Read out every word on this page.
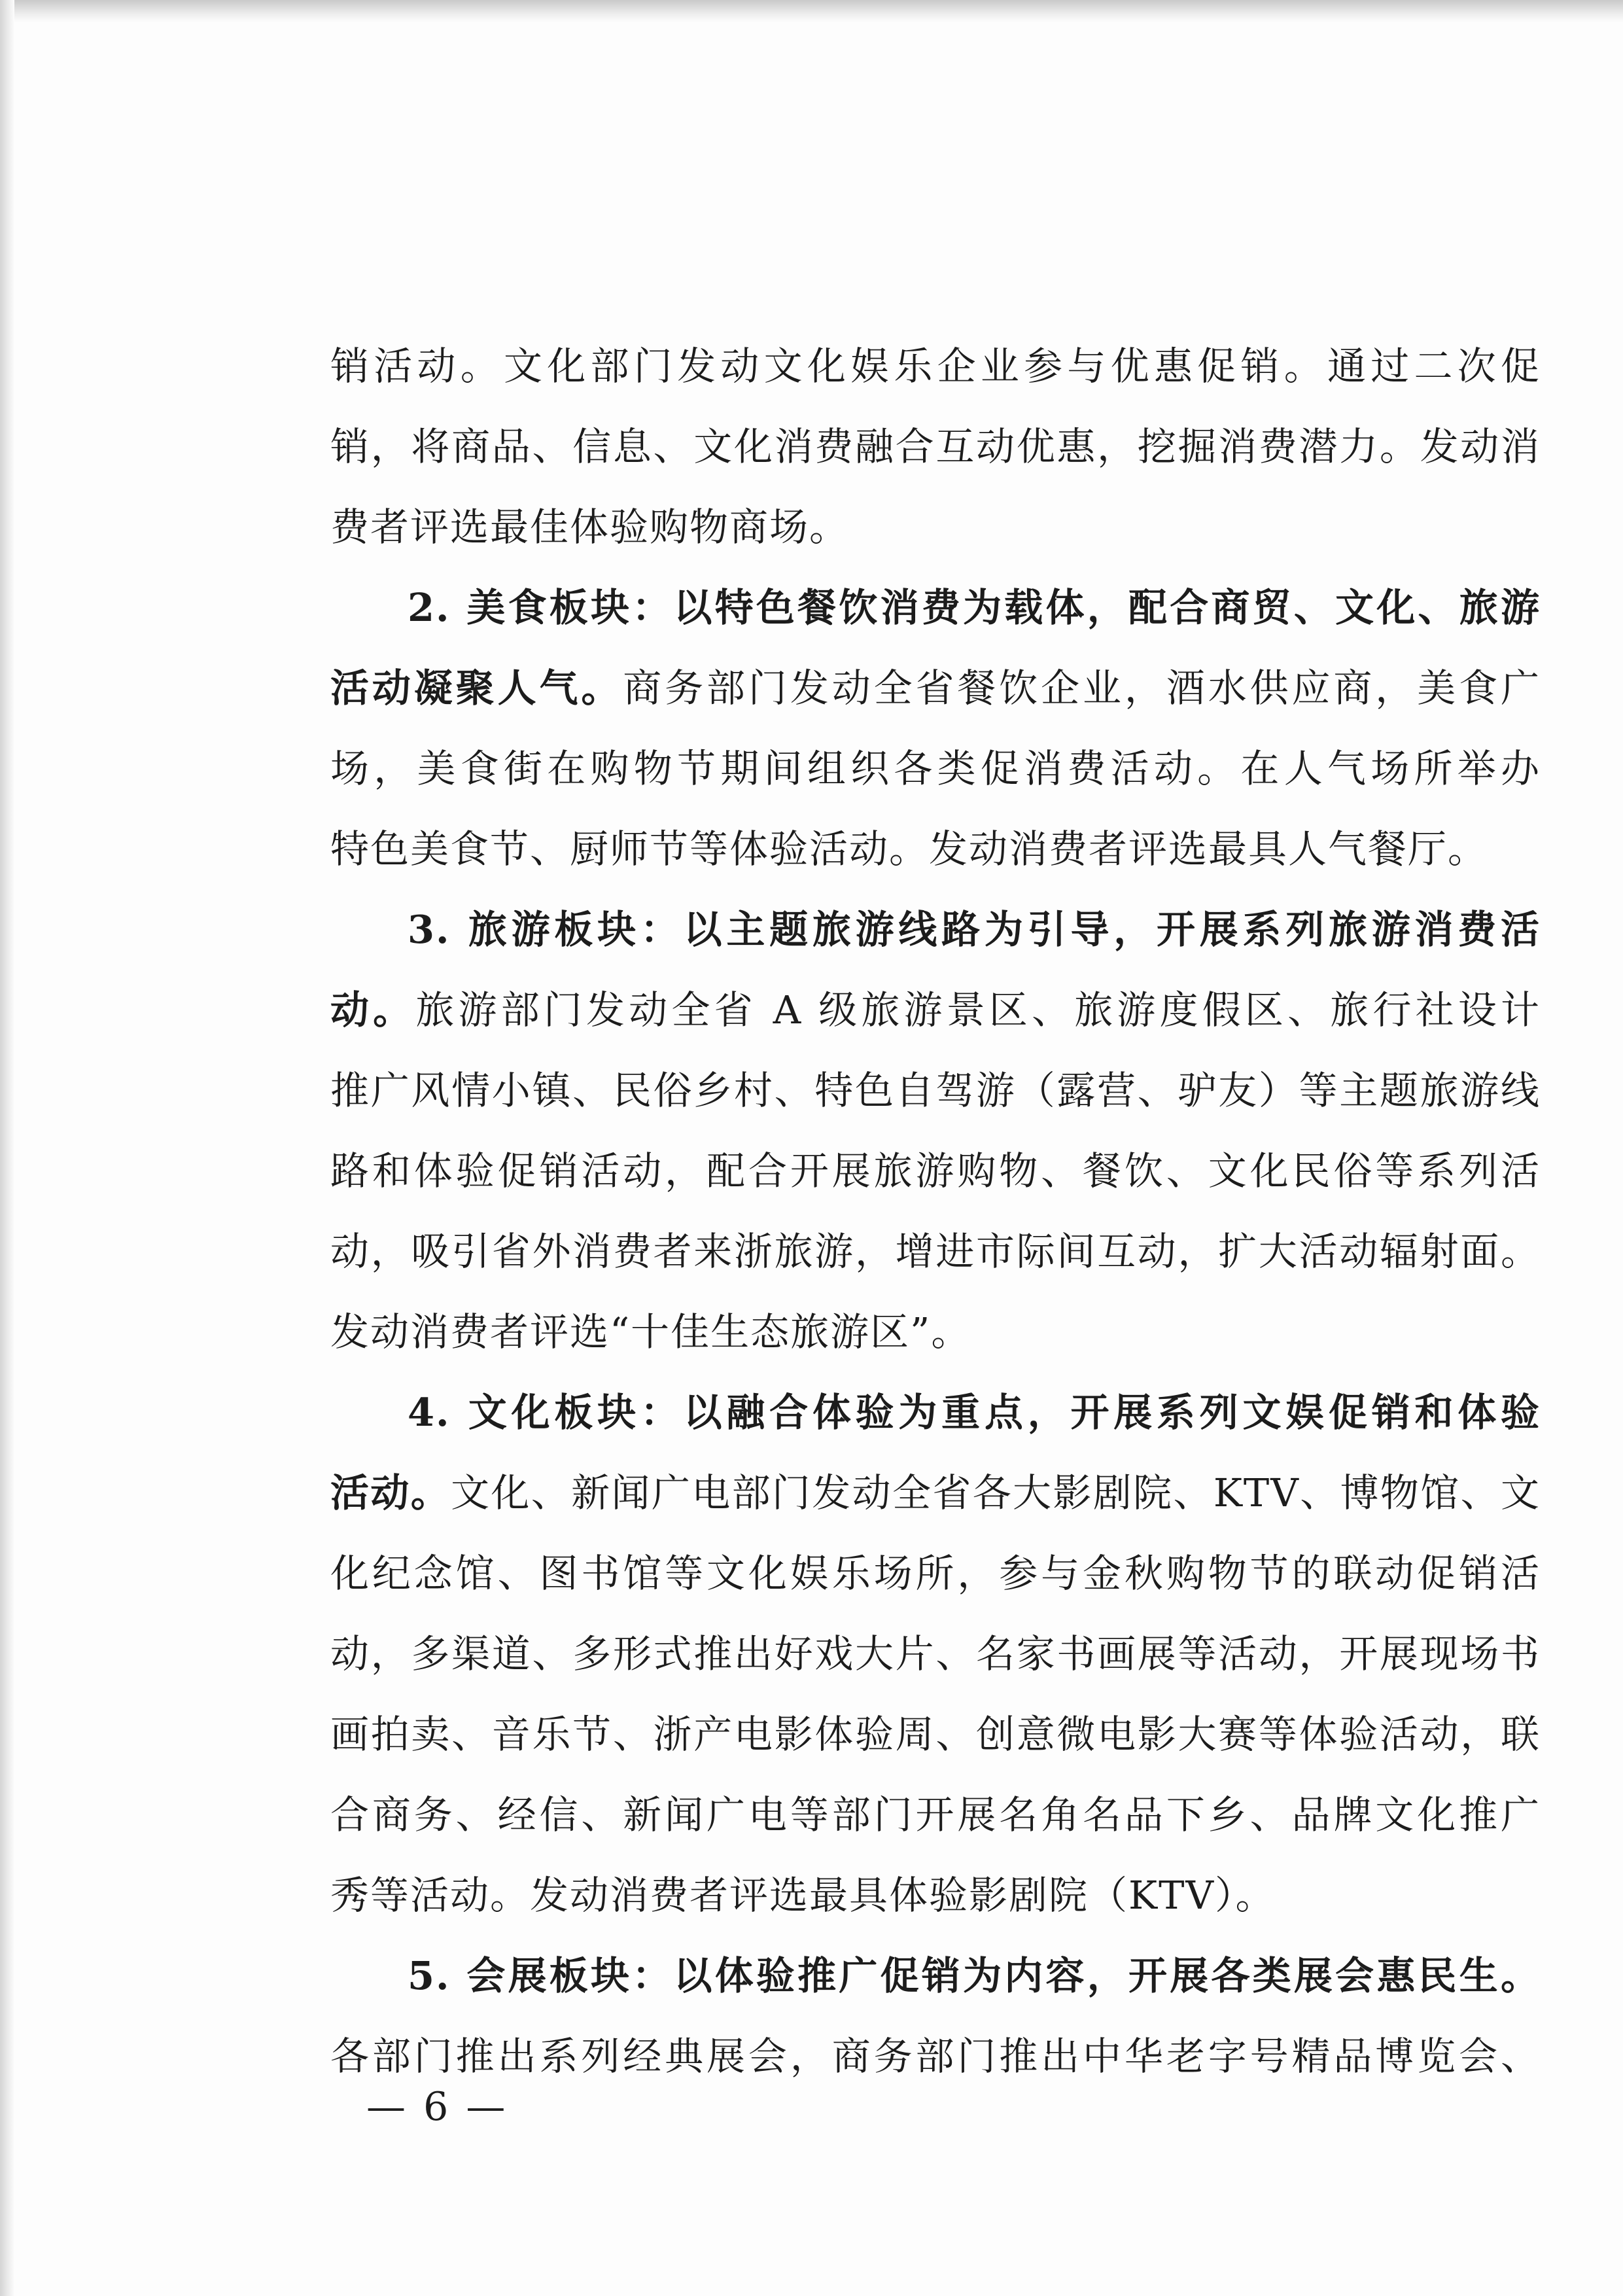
销活动。文化部门发动文化娱乐企业参与优惠促销。通过二次促
销，将商品、信息、文化消费融合互动优惠，挖掘消费潜力。发动消
费者评选最佳体验购物商场。
2. 美食板块：以特色餐饮消费为载体，配合商贸、文化、旅游
活动凝聚人气。商务部门发动全省餐饮企业，酒水供应商，美食广
场，美食街在购物节期间组织各类促消费活动。在人气场所举办
特色美食节、厨师节等体验活动。发动消费者评选最具人气餐厅。
3. 旅游板块：以主题旅游线路为引导，开展系列旅游消费活
动。旅游部门发动全省 A 级旅游景区、旅游度假区、旅行社设计
推广风情小镇、民俗乡村、特色自驾游（露营、驴友）等主题旅游线
路和体验促销活动，配合开展旅游购物、餐饮、文化民俗等系列活
动，吸引省外消费者来浙旅游，增进市际间互动，扩大活动辐射面。
发动消费者评选“十佳生态旅游区”。
4. 文化板块：以融合体验为重点，开展系列文娱促销和体验
活动。文化、新闻广电部门发动全省各大影剧院、KTV、博物馆、文
化纪念馆、图书馆等文化娱乐场所，参与金秋购物节的联动促销活
动，多渠道、多形式推出好戏大片、名家书画展等活动，开展现场书
画拍卖、音乐节、浙产电影体验周、创意微电影大赛等体验活动，联
合商务、经信、新闻广电等部门开展名角名品下乡、品牌文化推广
秀等活动。发动消费者评选最具体验影剧院（KTV）。
5. 会展板块：以体验推广促销为内容，开展各类展会惠民生。
各部门推出系列经典展会，商务部门推出中华老字号精品博览会、
— 6 —
